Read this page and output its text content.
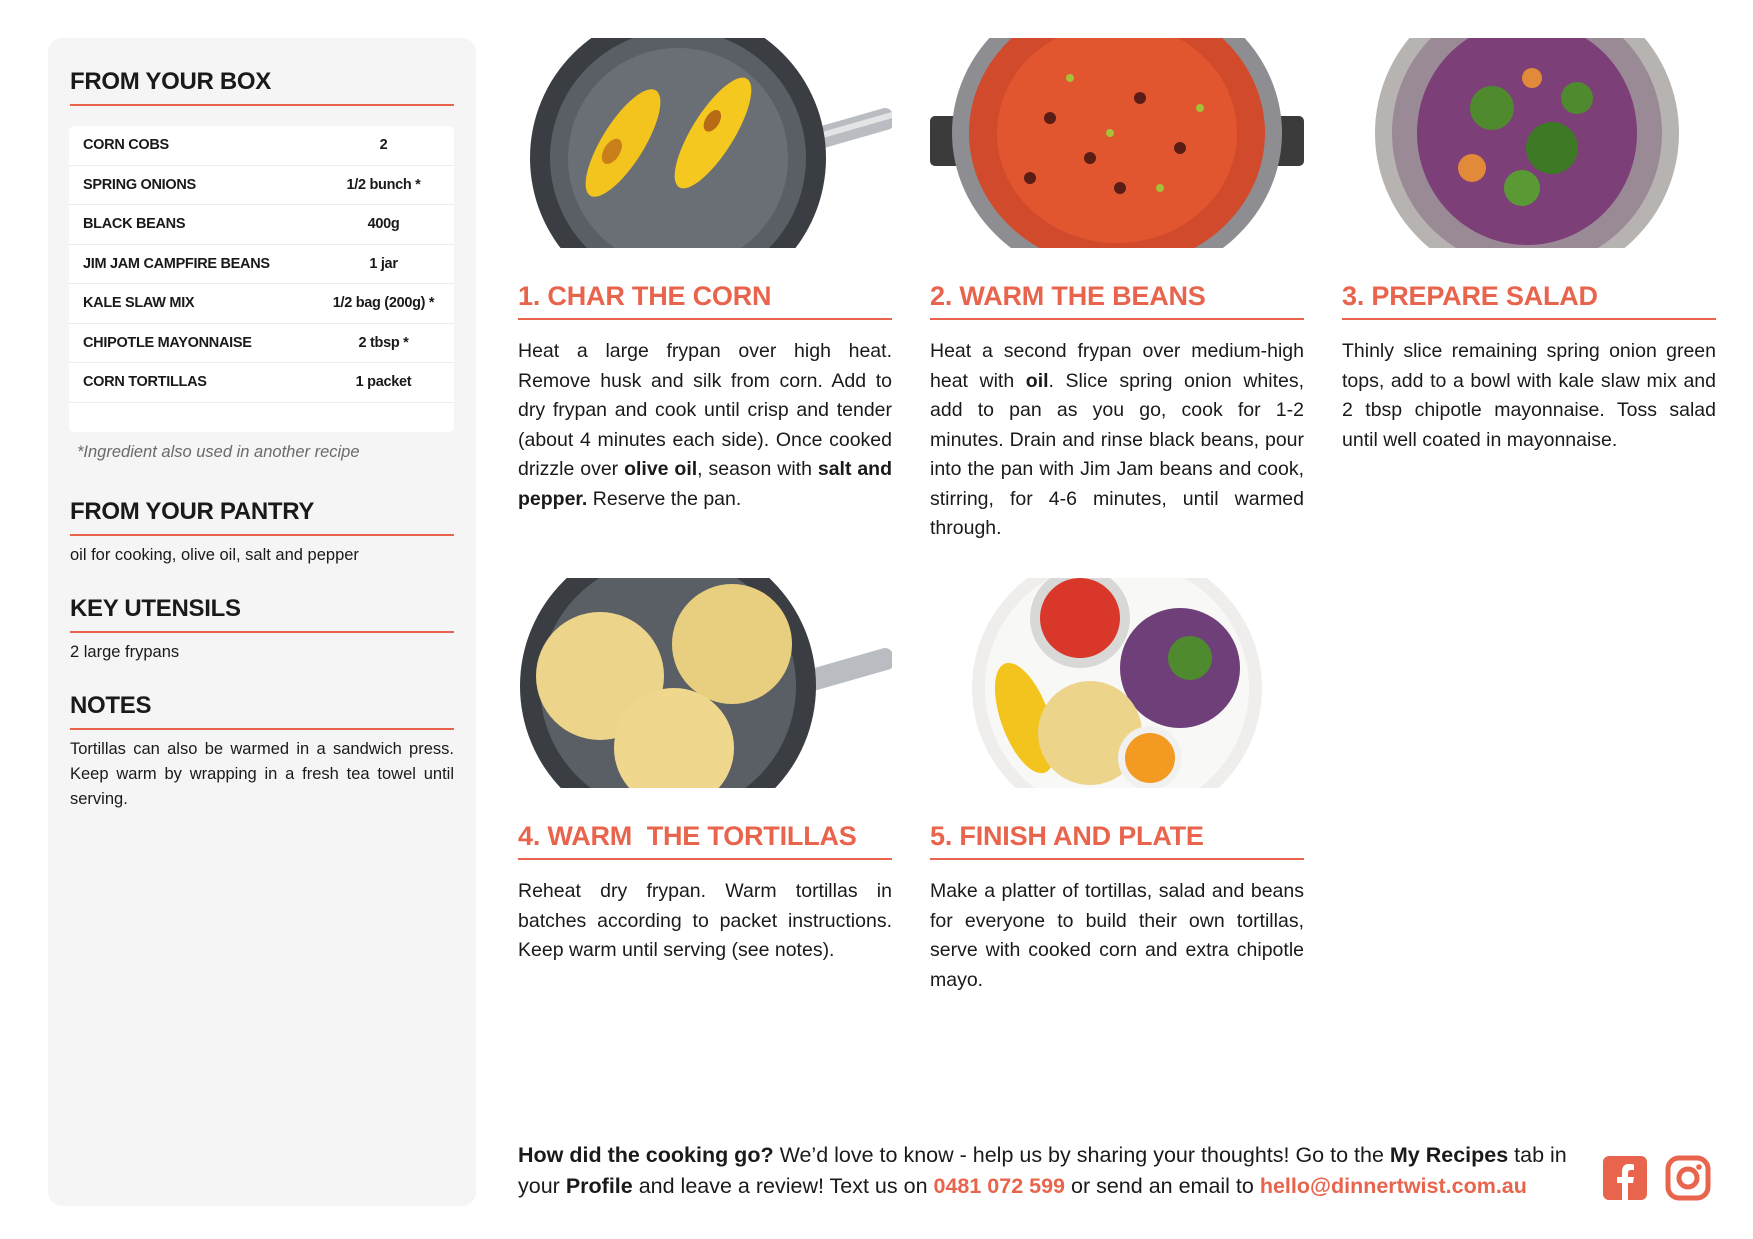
FROM YOUR BOX
CORN COBS	2
SPRING ONIONS	1/2 bunch *
BLACK BEANS	400g
JIM JAM CAMPFIRE BEANS	1 jar
KALE SLAW MIX	1/2 bag (200g) *
CHIPOTLE MAYONNAISE	2 tbsp *
CORN TORTILLAS	1 packet
*Ingredient also used in another recipe
FROM YOUR PANTRY
oil for cooking, olive oil, salt and pepper
KEY UTENSILS
2 large frypans
NOTES
Tortillas can also be warmed in a sandwich press. Keep warm by wrapping in a fresh tea towel until serving.
1. CHAR THE CORN
Heat a large frypan over high heat. Remove husk and silk from corn. Add to dry frypan and cook until crisp and tender (about 4 minutes each side). Once cooked drizzle over olive oil, season with salt and pepper. Reserve the pan.
2. WARM THE BEANS
Heat a second frypan over medium-high heat with oil. Slice spring onion whites, add to pan as you go, cook for 1-2 minutes. Drain and rinse black beans, pour into the pan with Jim Jam beans and cook, stirring, for 4-6 minutes, until warmed through.
3. PREPARE SALAD
Thinly slice remaining spring onion green tops, add to a bowl with kale slaw mix and 2 tbsp chipotle mayonnaise. Toss salad until well coated in mayonnaise.
4. WARM  THE TORTILLAS
Reheat dry frypan. Warm tortillas in batches according to packet instructions. Keep warm until serving (see notes).
5. FINISH AND PLATE
Make a platter of tortillas, salad and beans for everyone to build their own tortillas, serve with cooked corn and extra chipotle mayo.
How did the cooking go? We’d love to know - help us by sharing your thoughts! Go to the My Recipes tab in your Profile and leave a review! Text us on 0481 072 599 or send an email to hello@dinnertwist.com.au
